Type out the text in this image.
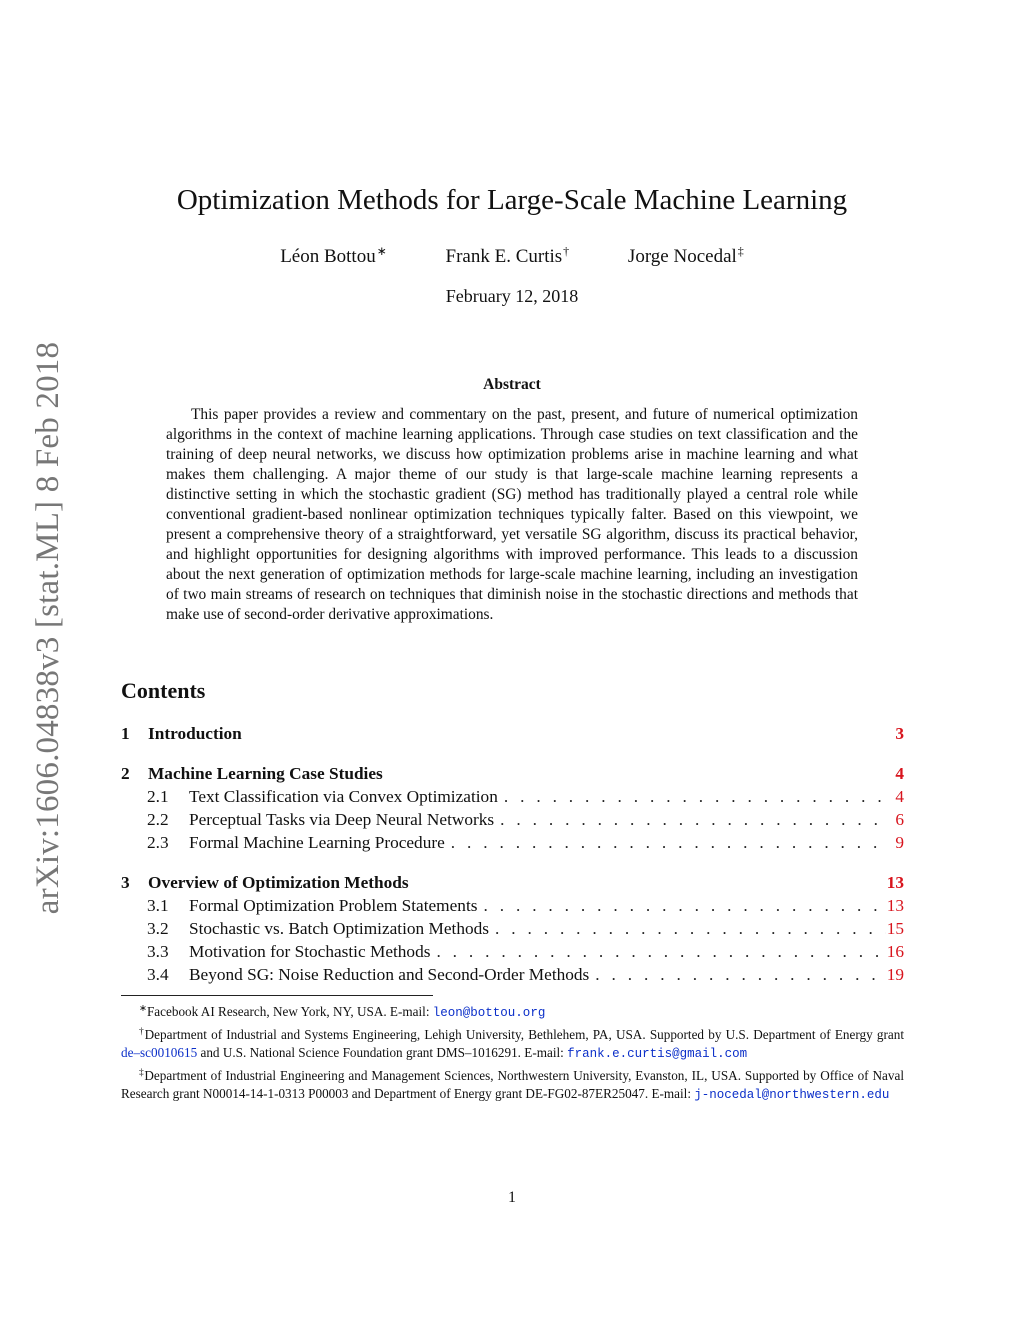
arXiv:1606.04838v3 [stat.ML] 8 Feb 2018
Optimization Methods for Large-Scale Machine Learning
Léon Bottou∗	Frank E. Curtis†	Jorge Nocedal‡
February 12, 2018
Abstract
This paper provides a review and commentary on the past, present, and future of numerical optimization algorithms in the context of machine learning applications. Through case studies on text classification and the training of deep neural networks, we discuss how optimization problems arise in machine learning and what makes them challenging. A major theme of our study is that large-scale machine learning represents a distinctive setting in which the stochastic gradient (SG) method has traditionally played a central role while conventional gradient-based nonlinear optimization techniques typically falter. Based on this viewpoint, we present a comprehensive theory of a straightforward, yet versatile SG algorithm, discuss its practical behavior, and highlight opportunities for designing algorithms with improved performance. This leads to a discussion about the next generation of optimization methods for large-scale machine learning, including an investigation of two main streams of research on techniques that diminish noise in the stochastic directions and methods that make use of second-order derivative approximations.
Contents
1	Introduction	3
2	Machine Learning Case Studies	4
2.1	Text Classification via Convex Optimization . . .	4
2.2	Perceptual Tasks via Deep Neural Networks . . .	6
2.3	Formal Machine Learning Procedure . . .	9
3	Overview of Optimization Methods	13
3.1	Formal Optimization Problem Statements . . .	13
3.2	Stochastic vs. Batch Optimization Methods . . .	15
3.3	Motivation for Stochastic Methods . . .	16
3.4	Beyond SG: Noise Reduction and Second-Order Methods . . .	19

∗Facebook AI Research, New York, NY, USA. E-mail: leon@bottou.org

†Department of Industrial and Systems Engineering, Lehigh University, Bethlehem, PA, USA. Supported by U.S. Department of Energy grant de–sc0010615 and U.S. National Science Foundation grant DMS–1016291. E-mail: frank.e.curtis@gmail.com

‡Department of Industrial Engineering and Management Sciences, Northwestern University, Evanston, IL, USA. Supported by Office of Naval Research grant N00014-14-1-0313 P00003 and Department of Energy grant DE-FG02-87ER25047. E-mail: j-nocedal@northwestern.edu

1
